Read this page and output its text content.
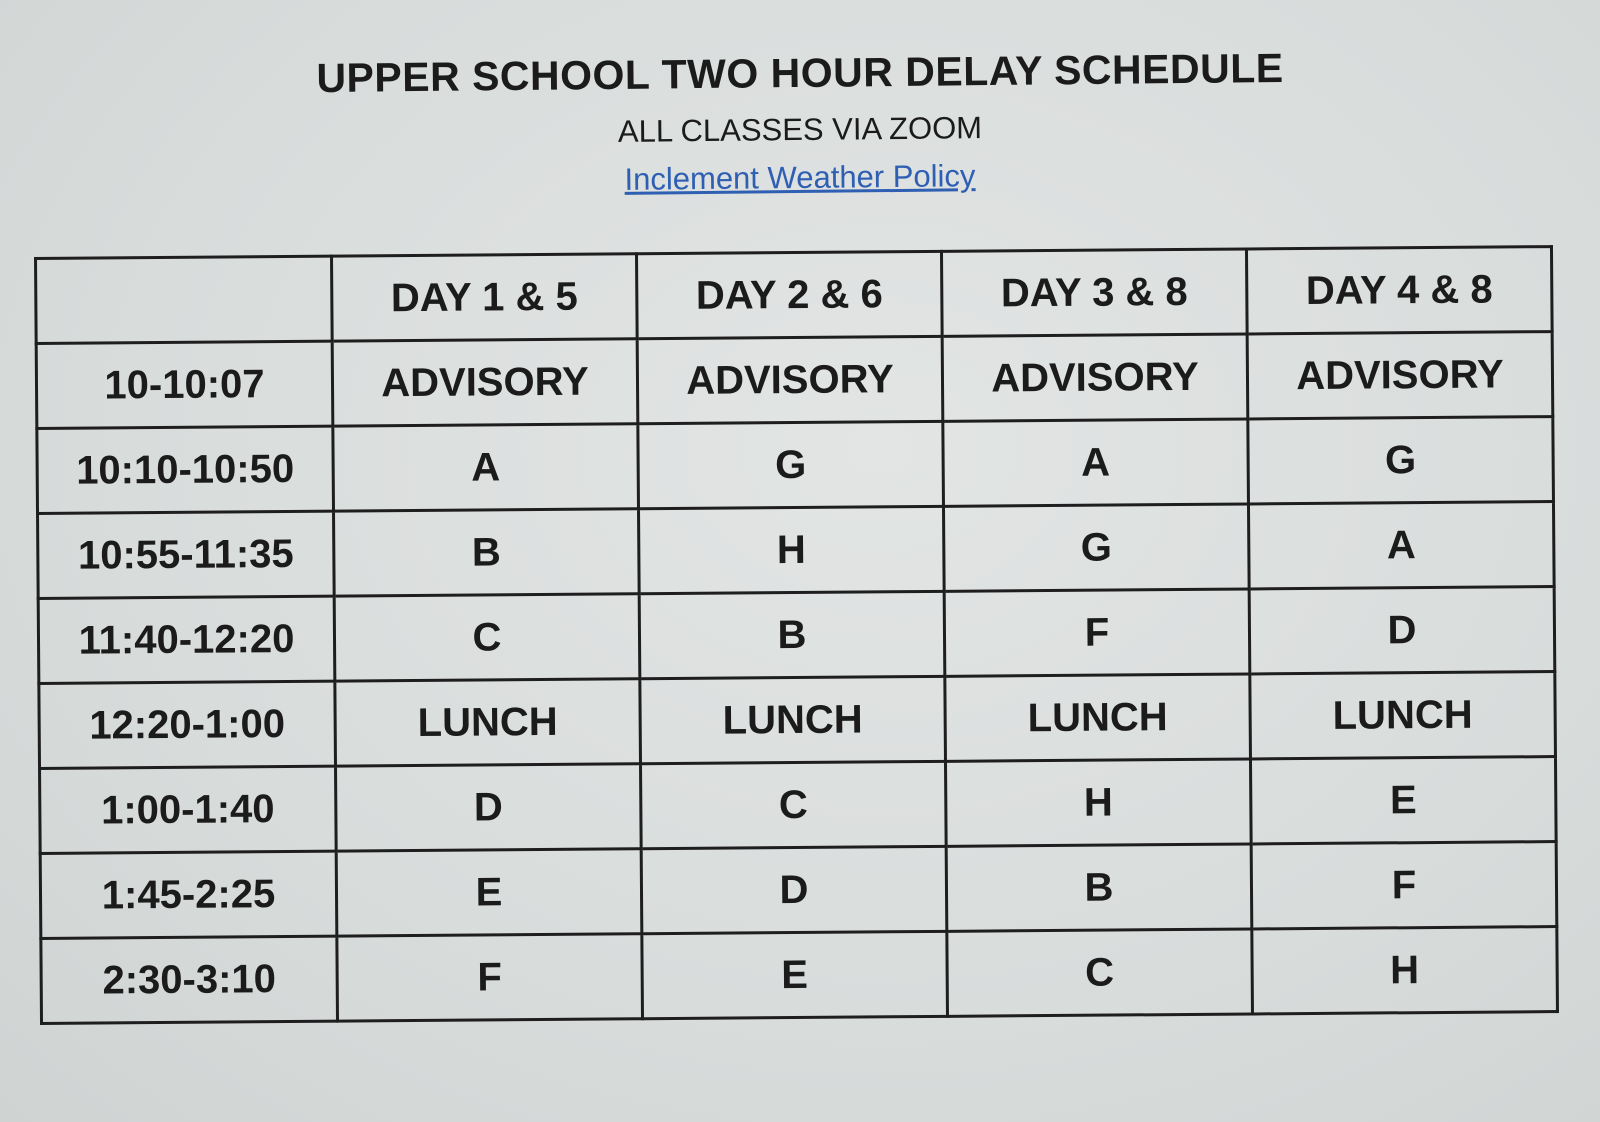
UPPER SCHOOL TWO HOUR DELAY SCHEDULE
ALL CLASSES VIA ZOOM
Inclement Weather Policy
	DAY 1 & 5	DAY 2 & 6	DAY 3 & 8	DAY 4 & 8
10-10:07	ADVISORY	ADVISORY	ADVISORY	ADVISORY
10:10-10:50	A	G	A	G
10:55-11:35	B	H	G	A
11:40-12:20	C	B	F	D
12:20-1:00	LUNCH	LUNCH	LUNCH	LUNCH
1:00-1:40	D	C	H	E
1:45-2:25	E	D	B	F
2:30-3:10	F	E	C	H
